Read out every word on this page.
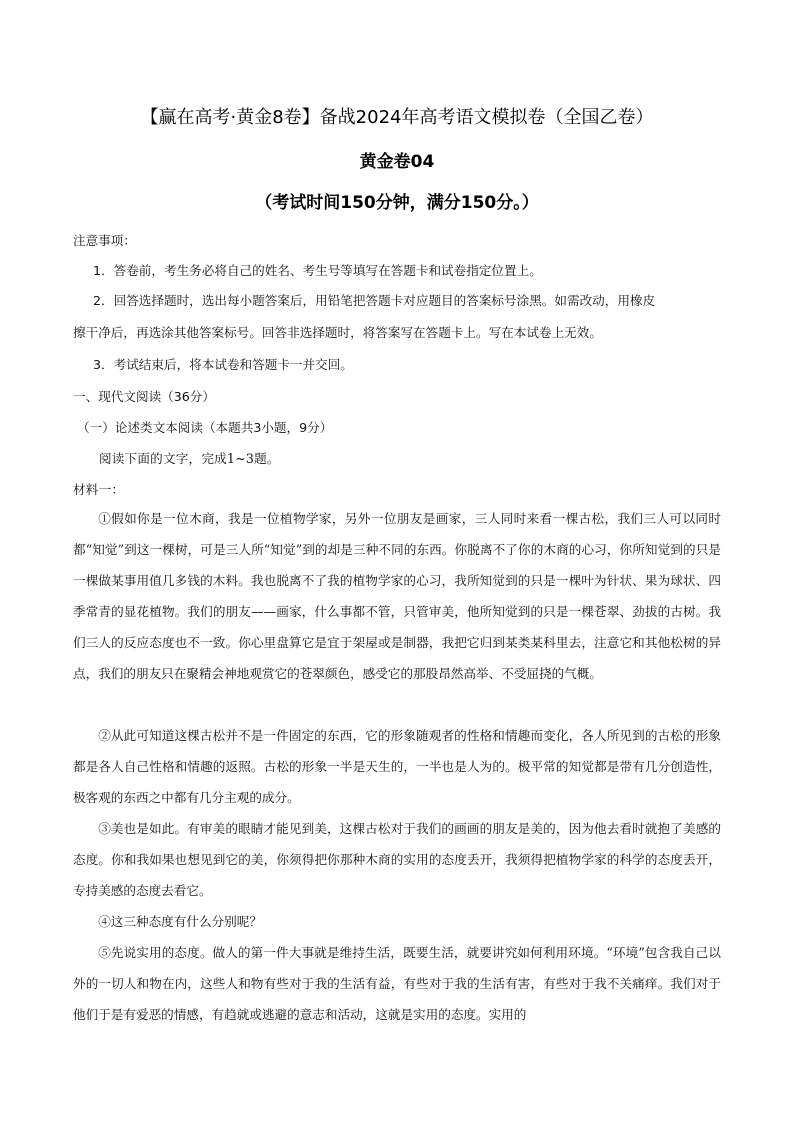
【赢在高考·黄金8卷】备战2024年高考语文模拟卷（全国乙卷）
黄金卷04
（考试时间150分钟，满分150分。）
注意事项：
1．答卷前，考生务必将自己的姓名、考生号等填写在答题卡和试卷指定位置上。
2．回答选择题时，选出每小题答案后，用铅笔把答题卡对应题目的答案标号涂黑。如需改动，用橡皮
擦干净后，再选涂其他答案标号。回答非选择题时，将答案写在答题卡上。写在本试卷上无效。
3．考试结束后，将本试卷和答题卡一并交回。
一、现代文阅读（36分）
（一）论述类文本阅读（本题共3小题，9分）
阅读下面的文字，完成1~3题。
材料一：
①假如你是一位木商，我是一位植物学家，另外一位朋友是画家，三人同时来看一棵古松，我们三人可以同时都“知觉”到这一棵树，可是三人所“知觉”到的却是三种不同的东西。你脱离不了你的木商的心习，你所知觉到的只是一棵做某事用值几多钱的木料。我也脱离不了我的植物学家的心习，我所知觉到的只是一棵叶为针状、果为球状、四季常青的显花植物。我们的朋友——画家，什么事都不管，只管审美，他所知觉到的只是一棵苍翠、劲拔的古树。我们三人的反应态度也不一致。你心里盘算它是宜于架屋或是制器，我把它归到某类某科里去，注意它和其他松树的异点，我们的朋友只在聚精会神地观赏它的苍翠颜色，感受它的那股昂然高举、不受屈挠的气概。
②从此可知道这棵古松并不是一件固定的东西，它的形象随观者的性格和情趣而变化，各人所见到的古松的形象都是各人自己性格和情趣的返照。古松的形象一半是天生的，一半也是人为的。极平常的知觉都是带有几分创造性，极客观的东西之中都有几分主观的成分。
③美也是如此。有审美的眼睛才能见到美，这棵古松对于我们的画画的朋友是美的，因为他去看时就抱了美感的态度。你和我如果也想见到它的美，你须得把你那种木商的实用的态度丢开，我须得把植物学家的科学的态度丢开，专持美感的态度去看它。
④这三种态度有什么分别呢？
⑤先说实用的态度。做人的第一件大事就是维持生活，既要生活，就要讲究如何利用环境。“环境”包含我自己以外的一切人和物在内，这些人和物有些对于我的生活有益，有些对于我的生活有害，有些对于我不关痛痒。我们对于他们于是有爱恶的情感，有趋就或逃避的意志和活动，这就是实用的态度。实用的
